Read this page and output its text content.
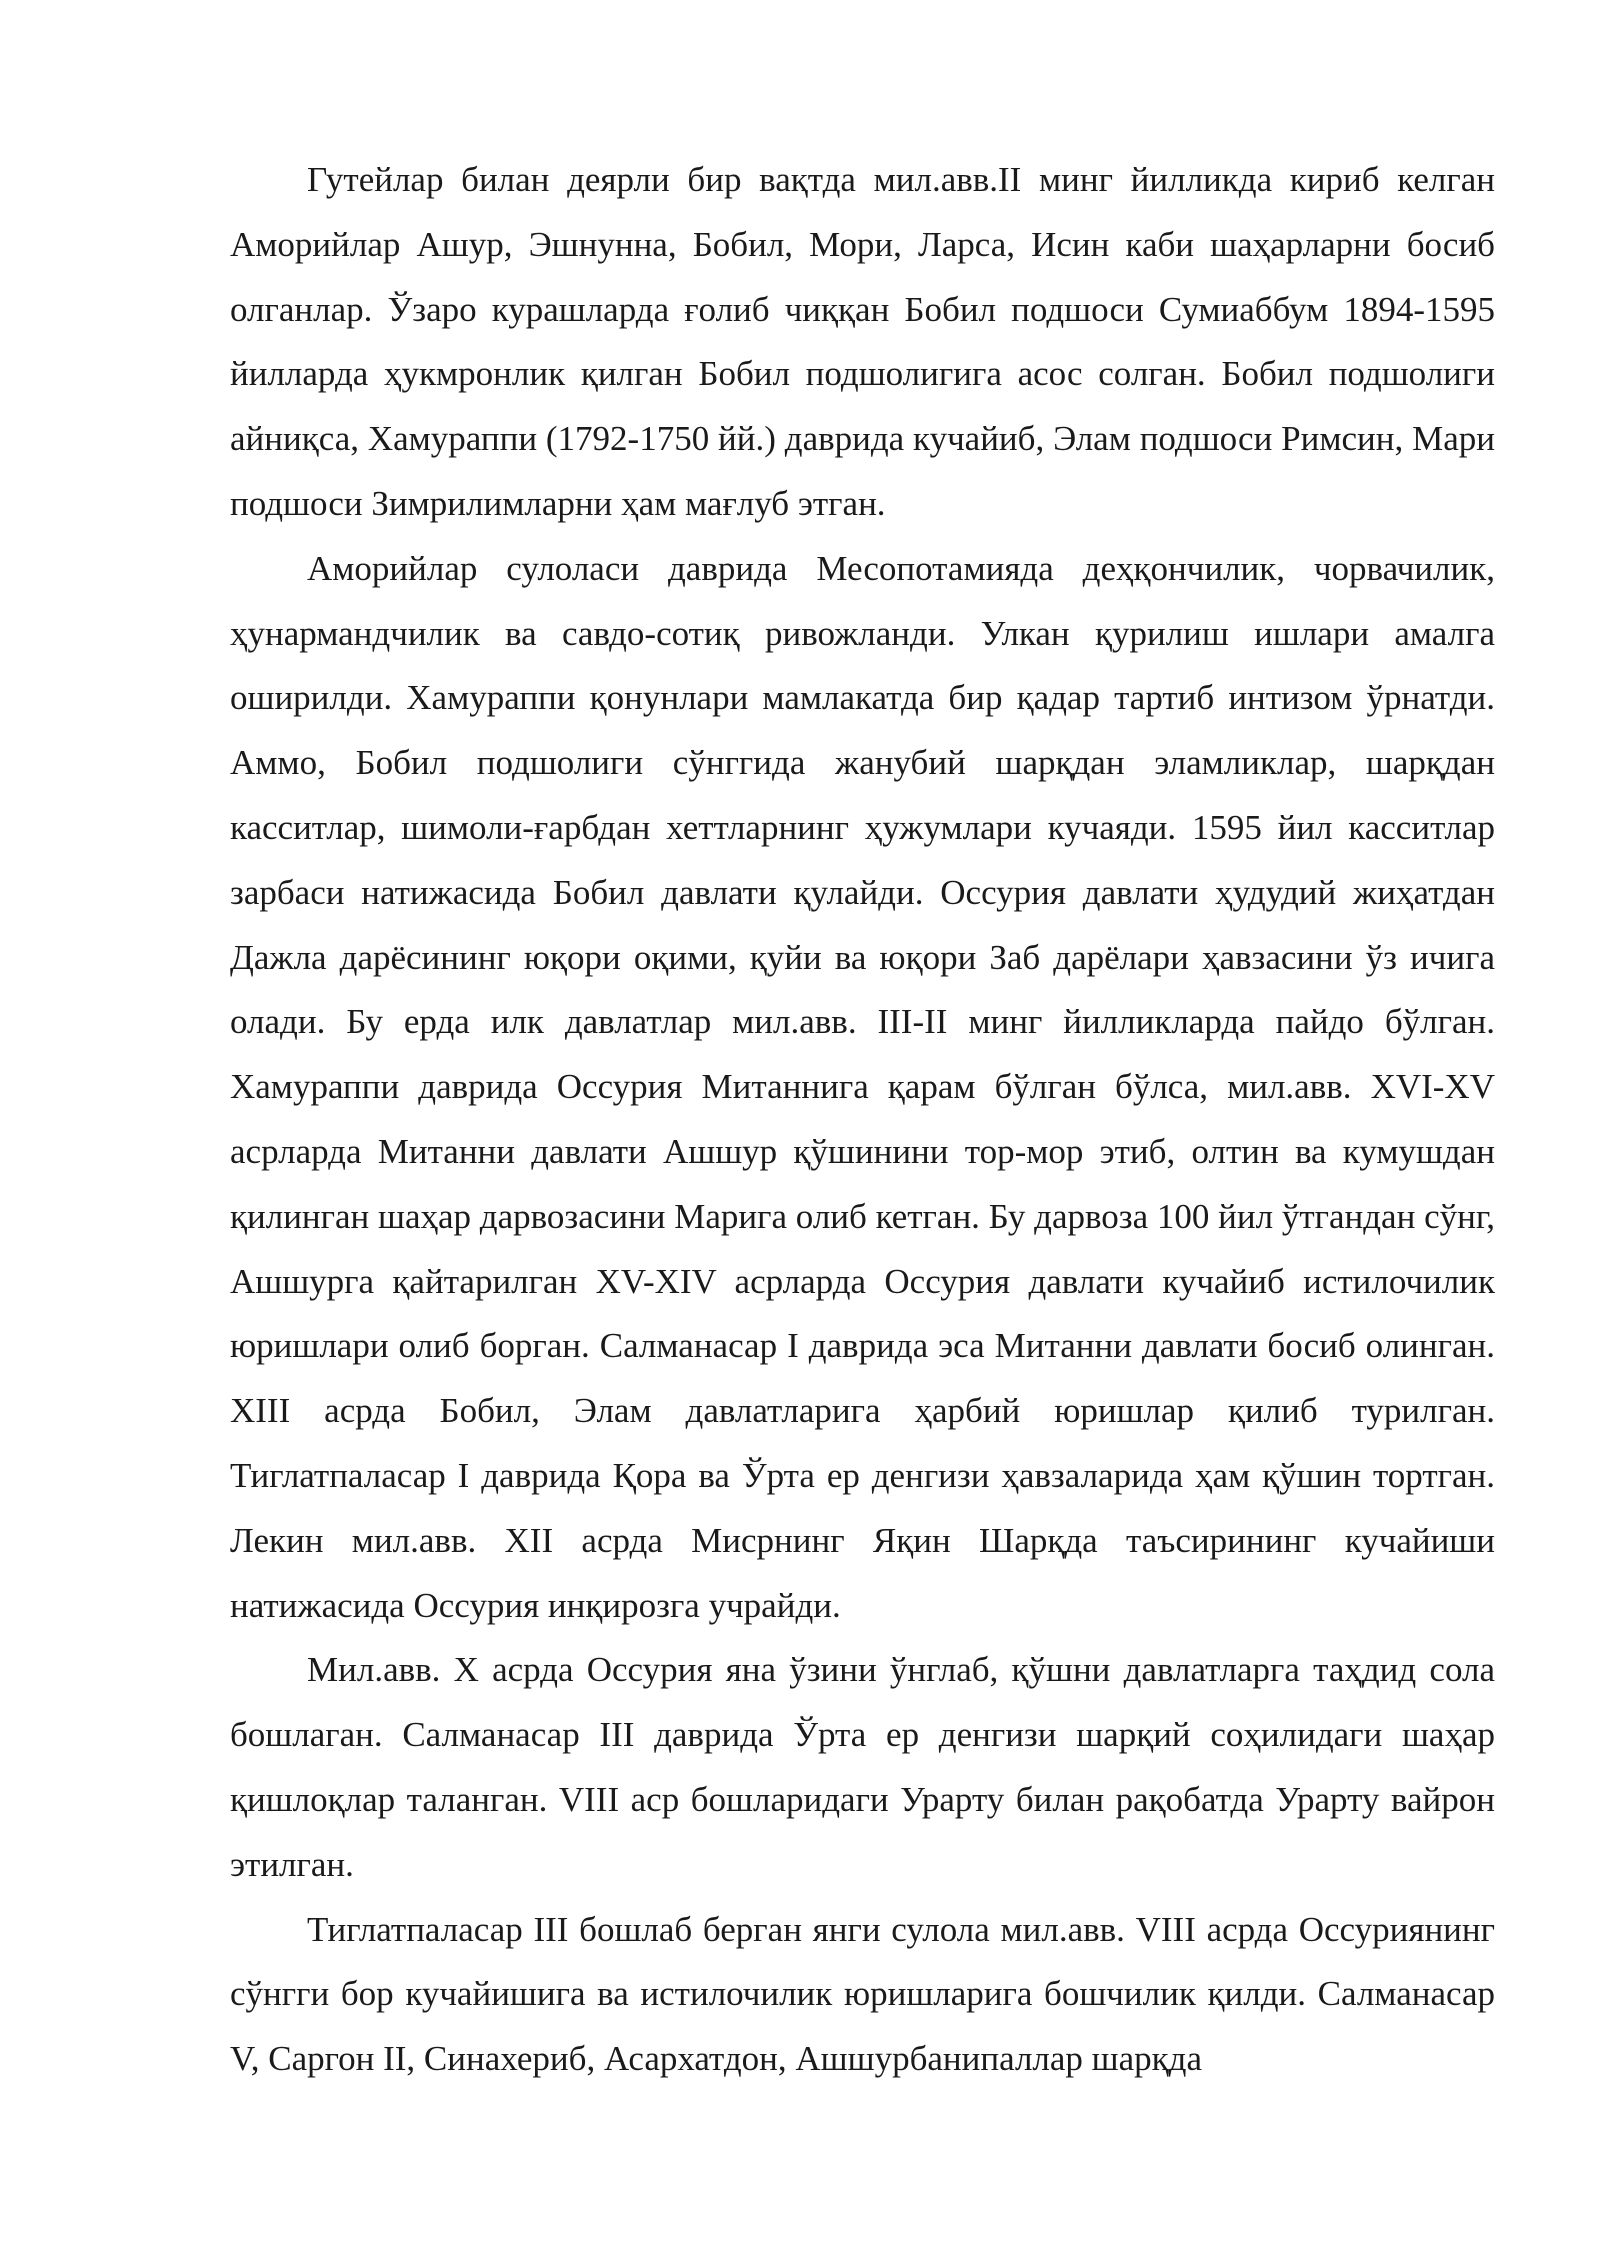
Гутейлар билан деярли бир вақтда мил.авв.II минг йилликда кириб келган Аморийлар Ашур, Эшнунна, Бобил, Мори, Ларса, Исин каби шаҳарларни босиб олганлар. Ўзаро курашларда ғолиб чиққан Бобил подшоси Сумиаббум 1894-1595 йилларда ҳукмронлик қилган Бобил подшолигига асос солган. Бобил подшолиги айниқса, Хамураппи (1792-1750 йй.) даврида кучайиб, Элам подшоси Римсин, Мари подшоси Зимрилимларни ҳам мағлуб этган.

Аморийлар сулоласи даврида Месопотамияда деҳқончилик, чорвачилик, ҳунармандчилик ва савдо-сотиқ ривожланди. Улкан қурилиш ишлари амалга оширилди. Хамураппи қонунлари мамлакатда бир қадар тартиб интизом ўрнатди. Аммо, Бобил подшолиги сўнггида жанубий шарқдан эламликлар, шарқдан касситлар, шимоли-ғарбдан хеттларнинг ҳужумлари кучаяди. 1595 йил касситлар зарбаси натижасида Бобил давлати қулайди. Оссурия давлати ҳудудий жиҳатдан Дажла дарёсининг юқори оқими, қуйи ва юқори Заб дарёлари ҳавзасини ўз ичига олади. Бу ерда илк давлатлар мил.авв. III-II минг йилликларда пайдо бўлган. Хамураппи даврида Оссурия Митаннига қарам бўлган бўлса, мил.авв. XVI-XV асрларда Митанни давлати Ашшур қўшинини тор-мор этиб, олтин ва кумушдан қилинган шаҳар дарвозасини Марига олиб кетган. Бу дарвоза 100 йил ўтгандан сўнг, Ашшурга қайтарилган XV-XIV асрларда Оссурия давлати кучайиб истилочилик юришлари олиб борган. Салманасар I даврида эса Митанни давлати босиб олинган. XIII асрда Бобил, Элам давлатларига ҳарбий юришлар қилиб турилган. Тиглатпаласар I даврида Қора ва Ўрта ер денгизи ҳавзаларида ҳам қўшин тортган. Лекин мил.авв. XII асрда Мисрнинг Яқин Шарқда таъсирининг кучайиши натижасида Оссурия инқирозга учрайди.

Мил.авв. X асрда Оссурия яна ўзини ўнглаб, қўшни давлатларга таҳдид сола бошлаган. Салманасар III даврида Ўрта ер денгизи шарқий соҳилидаги шаҳар қишлоқлар таланган. VIII аср бошларидаги Урарту билан рақобатда Урарту вайрон этилган.

Тиглатпаласар III бошлаб берган янги сулола мил.авв. VIII асрда Оссуриянинг сўнгги бор кучайишига ва истилочилик юришларига бошчилик қилди. Салманасар V, Саргон II, Синахериб, Асархатдон, Ашшурбанипаллар шарқда
